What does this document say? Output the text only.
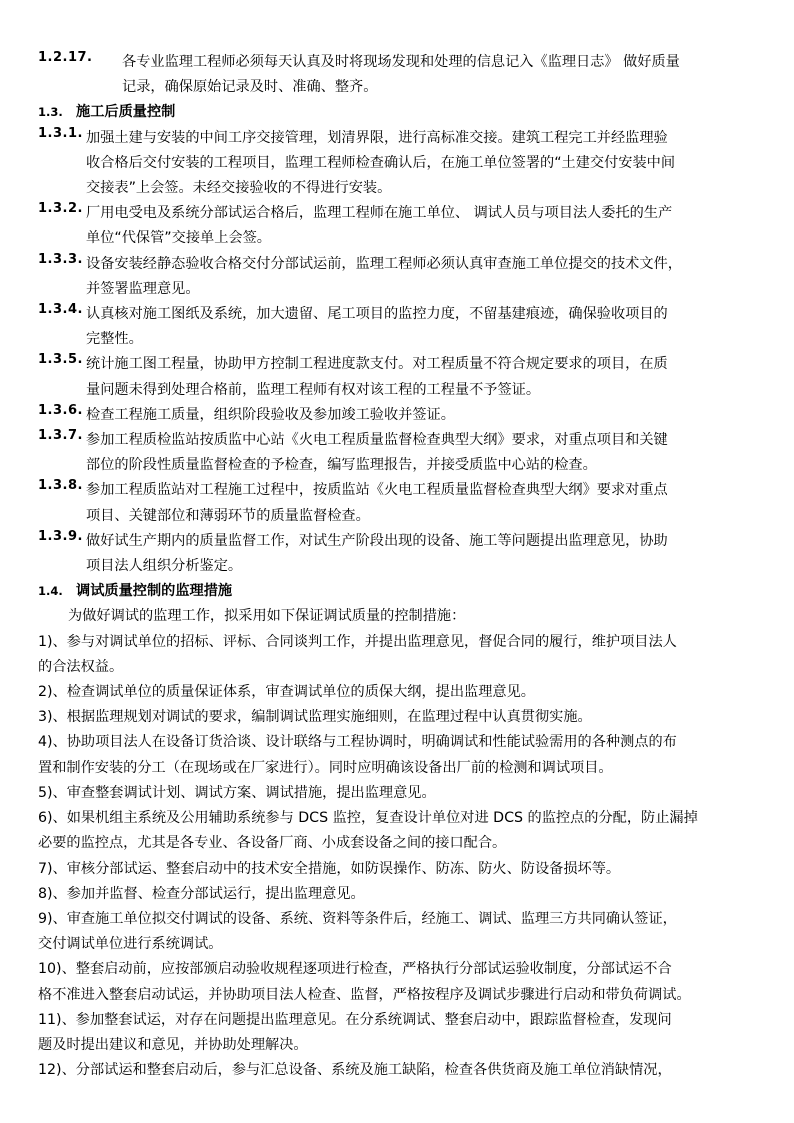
1.2.17.	各专业监理工程师必须每天认真及时将现场发现和处理的信息记入《监理日志》 做好质量
记录，确保原始记录及时、准确、整齐。
1.3. 施工后质量控制
1.3.1. 加强土建与安装的中间工序交接管理，划清界限，进行高标准交接。建筑工程完工并经监理验
收合格后交付安装的工程项目，监理工程师检查确认后，在施工单位签署的“土建交付安装中间
交接表”上会签。未经交接验收的不得进行安装。
1.3.2. 厂用电受电及系统分部试运合格后，监理工程师在施工单位、 调试人员与项目法人委托的生产
单位“代保管”交接单上会签。
1.3.3. 设备安装经静态验收合格交付分部试运前，监理工程师必须认真审查施工单位提交的技术文件，
并签署监理意见。
1.3.4. 认真核对施工图纸及系统，加大遗留、尾工项目的监控力度，不留基建痕迹，确保验收项目的
完整性。
1.3.5. 统计施工图工程量，协助甲方控制工程进度款支付。对工程质量不符合规定要求的项目，在质
量问题未得到处理合格前，监理工程师有权对该工程的工程量不予签证。
1.3.6. 检查工程施工质量，组织阶段验收及参加竣工验收并签证。
1.3.7. 参加工程质检监站按质监中心站《火电工程质量监督检查典型大纲》要求，对重点项目和关键
部位的阶段性质量监督检查的予检查，编写监理报告，并接受质监中心站的检查。
1.3.8. 参加工程质监站对工程施工过程中，按质监站《火电工程质量监督检查典型大纲》要求对重点
项目、关键部位和薄弱环节的质量监督检查。
1.3.9. 做好试生产期内的质量监督工作，对试生产阶段出现的设备、施工等问题提出监理意见，协助
项目法人组织分析鉴定。
1.4. 调试质量控制的监理措施
为做好调试的监理工作，拟采用如下保证调试质量的控制措施：
1)、参与对调试单位的招标、评标、合同谈判工作，并提出监理意见，督促合同的履行，维护项目法人
的合法权益。
2)、检查调试单位的质量保证体系，审查调试单位的质保大纲，提出监理意见。
3)、根据监理规划对调试的要求，编制调试监理实施细则，在监理过程中认真贯彻实施。
4)、协助项目法人在设备订货洽谈、设计联络与工程协调时，明确调试和性能试验需用的各种测点的布
置和制作安装的分工（在现场或在厂家进行）。同时应明确该设备出厂前的检测和调试项目。
5)、审查整套调试计划、调试方案、调试措施，提出监理意见。
6)、如果机组主系统及公用辅助系统参与 DCS 监控，复查设计单位对进 DCS 的监控点的分配，防止漏掉
必要的监控点，尤其是各专业、各设备厂商、小成套设备之间的接口配合。
7)、审核分部试运、整套启动中的技术安全措施，如防误操作、防冻、防火、防设备损坏等。
8)、参加并监督、检查分部试运行，提出监理意见。
9)、审查施工单位拟交付调试的设备、系统、资料等条件后，经施工、调试、监理三方共同确认签证，
交付调试单位进行系统调试。
10)、整套启动前，应按部颁启动验收规程逐项进行检查，严格执行分部试运验收制度，分部试运不合
格不准进入整套启动试运，并协助项目法人检查、监督，严格按程序及调试步骤进行启动和带负荷调试。
11)、参加整套试运，对存在问题提出监理意见。在分系统调试、整套启动中，跟踪监督检查，发现问
题及时提出建议和意见，并协助处理解决。
12)、分部试运和整套启动后，参与汇总设备、系统及施工缺陷，检查各供货商及施工单位消缺情况，
